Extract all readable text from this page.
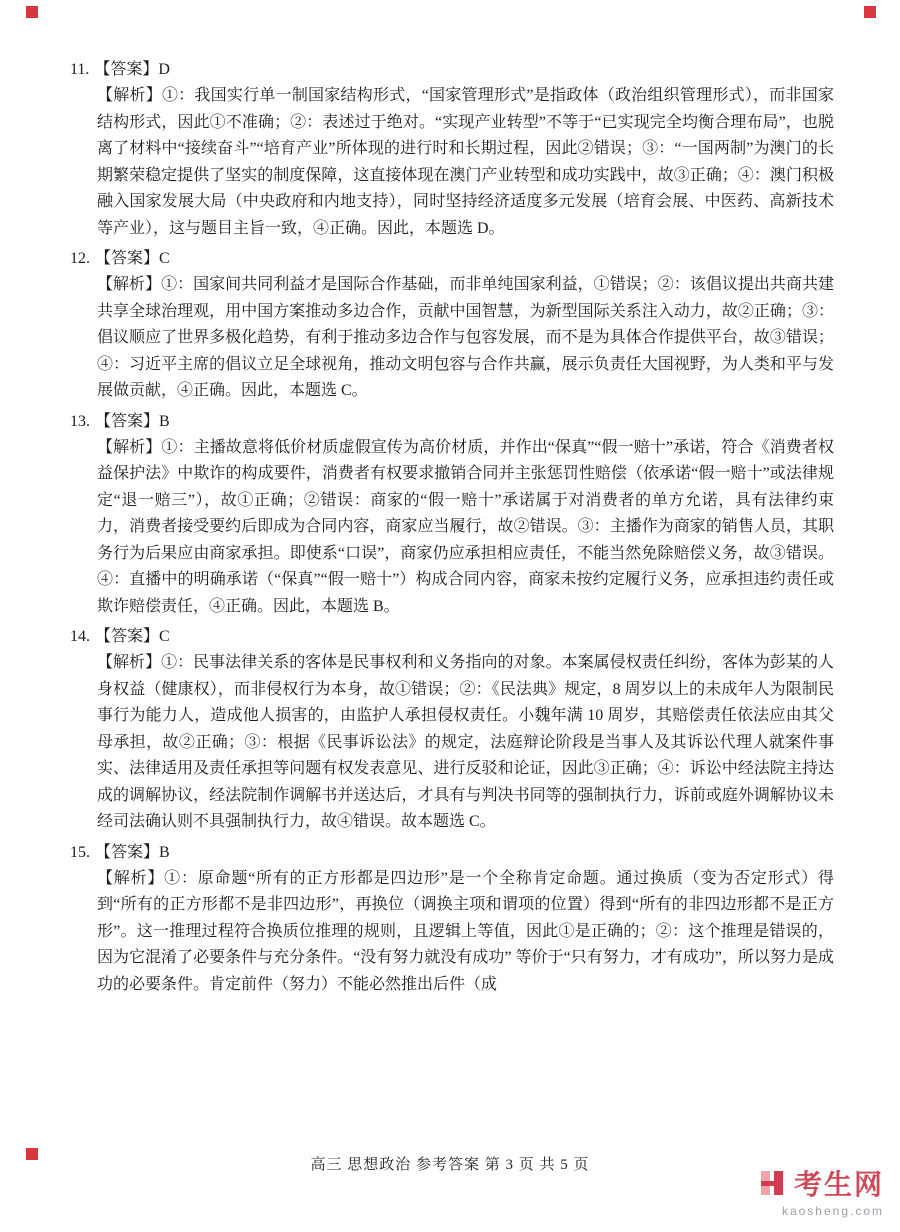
11. 【答案】D

【解析】①：我国实行单一制国家结构形式，“国家管理形式”是指政体（政治组织管理形式），而非国家结构形式，因此①不准确；②：表述过于绝对。“实现产业转型”不等于“已实现完全均衡合理布局”，也脱离了材料中“接续奋斗”“培育产业”所体现的进行时和长期过程，因此②错误；③：“一国两制”为澳门的长期繁荣稳定提供了坚实的制度保障，这直接体现在澳门产业转型和成功实践中，故③正确；④：澳门积极融入国家发展大局（中央政府和内地支持），同时坚持经济适度多元发展（培育会展、中医药、高新技术等产业），这与题目主旨一致，④正确。因此，本题选 D。

12. 【答案】C

【解析】①：国家间共同利益才是国际合作基础，而非单纯国家利益，①错误；②：该倡议提出共商共建共享全球治理观，用中国方案推动多边合作，贡献中国智慧，为新型国际关系注入动力，故②正确；③：倡议顺应了世界多极化趋势，有利于推动多边合作与包容发展，而不是为具体合作提供平台，故③错误；④：习近平主席的倡议立足全球视角，推动文明包容与合作共赢，展示负责任大国视野，为人类和平与发展做贡献，④正确。因此，本题选 C。

13. 【答案】B

【解析】①：主播故意将低价材质虚假宣传为高价材质，并作出“保真”“假一赔十”承诺，符合《消费者权益保护法》中欺诈的构成要件，消费者有权要求撤销合同并主张惩罚性赔偿（依承诺“假一赔十”或法律规定“退一赔三”），故①正确；②错误：商家的“假一赔十”承诺属于对消费者的单方允诺，具有法律约束力，消费者接受要约后即成为合同内容，商家应当履行，故②错误。③：主播作为商家的销售人员，其职务行为后果应由商家承担。即使系“口误”，商家仍应承担相应责任，不能当然免除赔偿义务，故③错误。④：直播中的明确承诺（“保真”“假一赔十”）构成合同内容，商家未按约定履行义务，应承担违约责任或欺诈赔偿责任，④正确。因此，本题选 B。

14. 【答案】C

【解析】①：民事法律关系的客体是民事权利和义务指向的对象。本案属侵权责任纠纷，客体为彭某的人身权益（健康权），而非侵权行为本身，故①错误；②：《民法典》规定，8 周岁以上的未成年人为限制民事行为能力人，造成他人损害的，由监护人承担侵权责任。小魏年满 10 周岁，其赔偿责任依法应由其父母承担，故②正确；③：根据《民事诉讼法》的规定，法庭辩论阶段是当事人及其诉讼代理人就案件事实、法律适用及责任承担等问题有权发表意见、进行反驳和论证，因此③正确；④：诉讼中经法院主持达成的调解协议，经法院制作调解书并送达后，才具有与判决书同等的强制执行力，诉前或庭外调解协议未经司法确认则不具强制执行力，故④错误。故本题选 C。

15. 【答案】B

【解析】①：原命题“所有的正方形都是四边形”是一个全称肯定命题。通过换质（变为否定形式）得到“所有的正方形都不是非四边形”，再换位（调换主项和谓项的位置）得到“所有的非四边形都不是正方形”。这一推理过程符合换质位推理的规则，且逻辑上等值，因此①是正确的；②：这个推理是错误的，因为它混淆了必要条件与充分条件。“没有努力就没有成功” 等价于“只有努力，才有成功”，所以努力是成功的必要条件。肯定前件（努力）不能必然推出后件（成

高三 思想政治 参考答案 第 3 页 共 5 页
考生网
kaosheng.com
